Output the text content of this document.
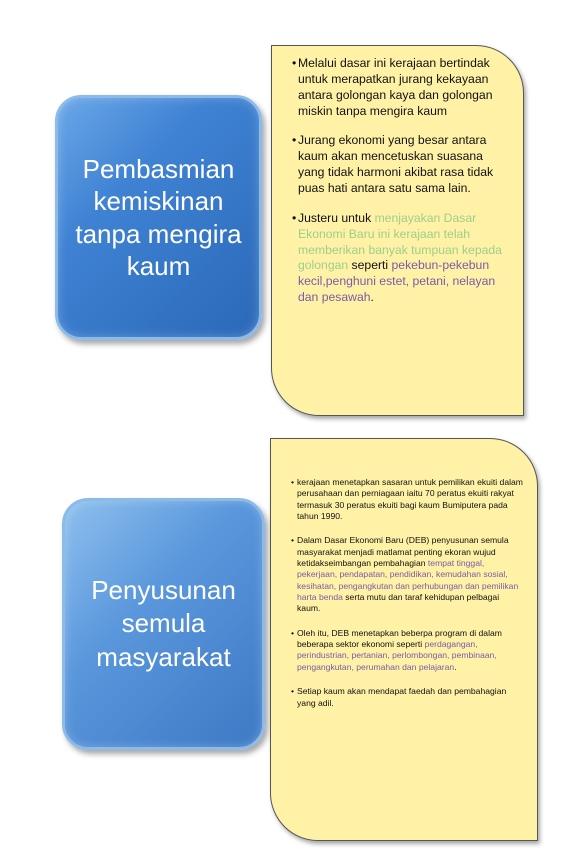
Pembasmian kemiskinan tanpa mengira kaum
• Melalui dasar ini kerajaan bertindak untuk merapatkan jurang kekayaan antara golongan kaya dan golongan miskin tanpa mengira kaum
• Jurang ekonomi yang besar antara kaum akan mencetuskan suasana yang tidak harmoni akibat rasa tidak puas hati antara satu sama lain.
• Justeru untuk menjayakan Dasar Ekonomi Baru ini kerajaan telah memberikan banyak tumpuan kepada golongan seperti pekebun-pekebun kecil,penghuni estet, petani, nelayan dan pesawah.
Penyusunan semula masyarakat
• kerajaan menetapkan sasaran untuk pemilikan ekuiti dalam perusahaan dan perniagaan iaitu 70 peratus ekuiti rakyat termasuk 30 peratus ekuiti bagi kaum Bumiputera pada tahun 1990.
• Dalam Dasar Ekonomi Baru (DEB) penyusunan semula masyarakat menjadi matlamat penting ekoran wujud ketidakseimbangan pembahagian tempat tinggal, pekerjaan, pendapatan, pendidikan, kemudahan sosial, kesihatan, pengangkutan dan perhubungan dan pemilikan harta benda serta mutu dan taraf kehidupan pelbagai kaum.
• Oleh itu, DEB menetapkan beberpa program di dalam beberapa sektor ekonomi seperti perdagangan, perindustrian, pertanian, perlombongan, pembinaan, pengangkutan, perumahan dan pelajaran.
• Setiap kaum akan mendapat faedah dan pembahagian yang adil.
